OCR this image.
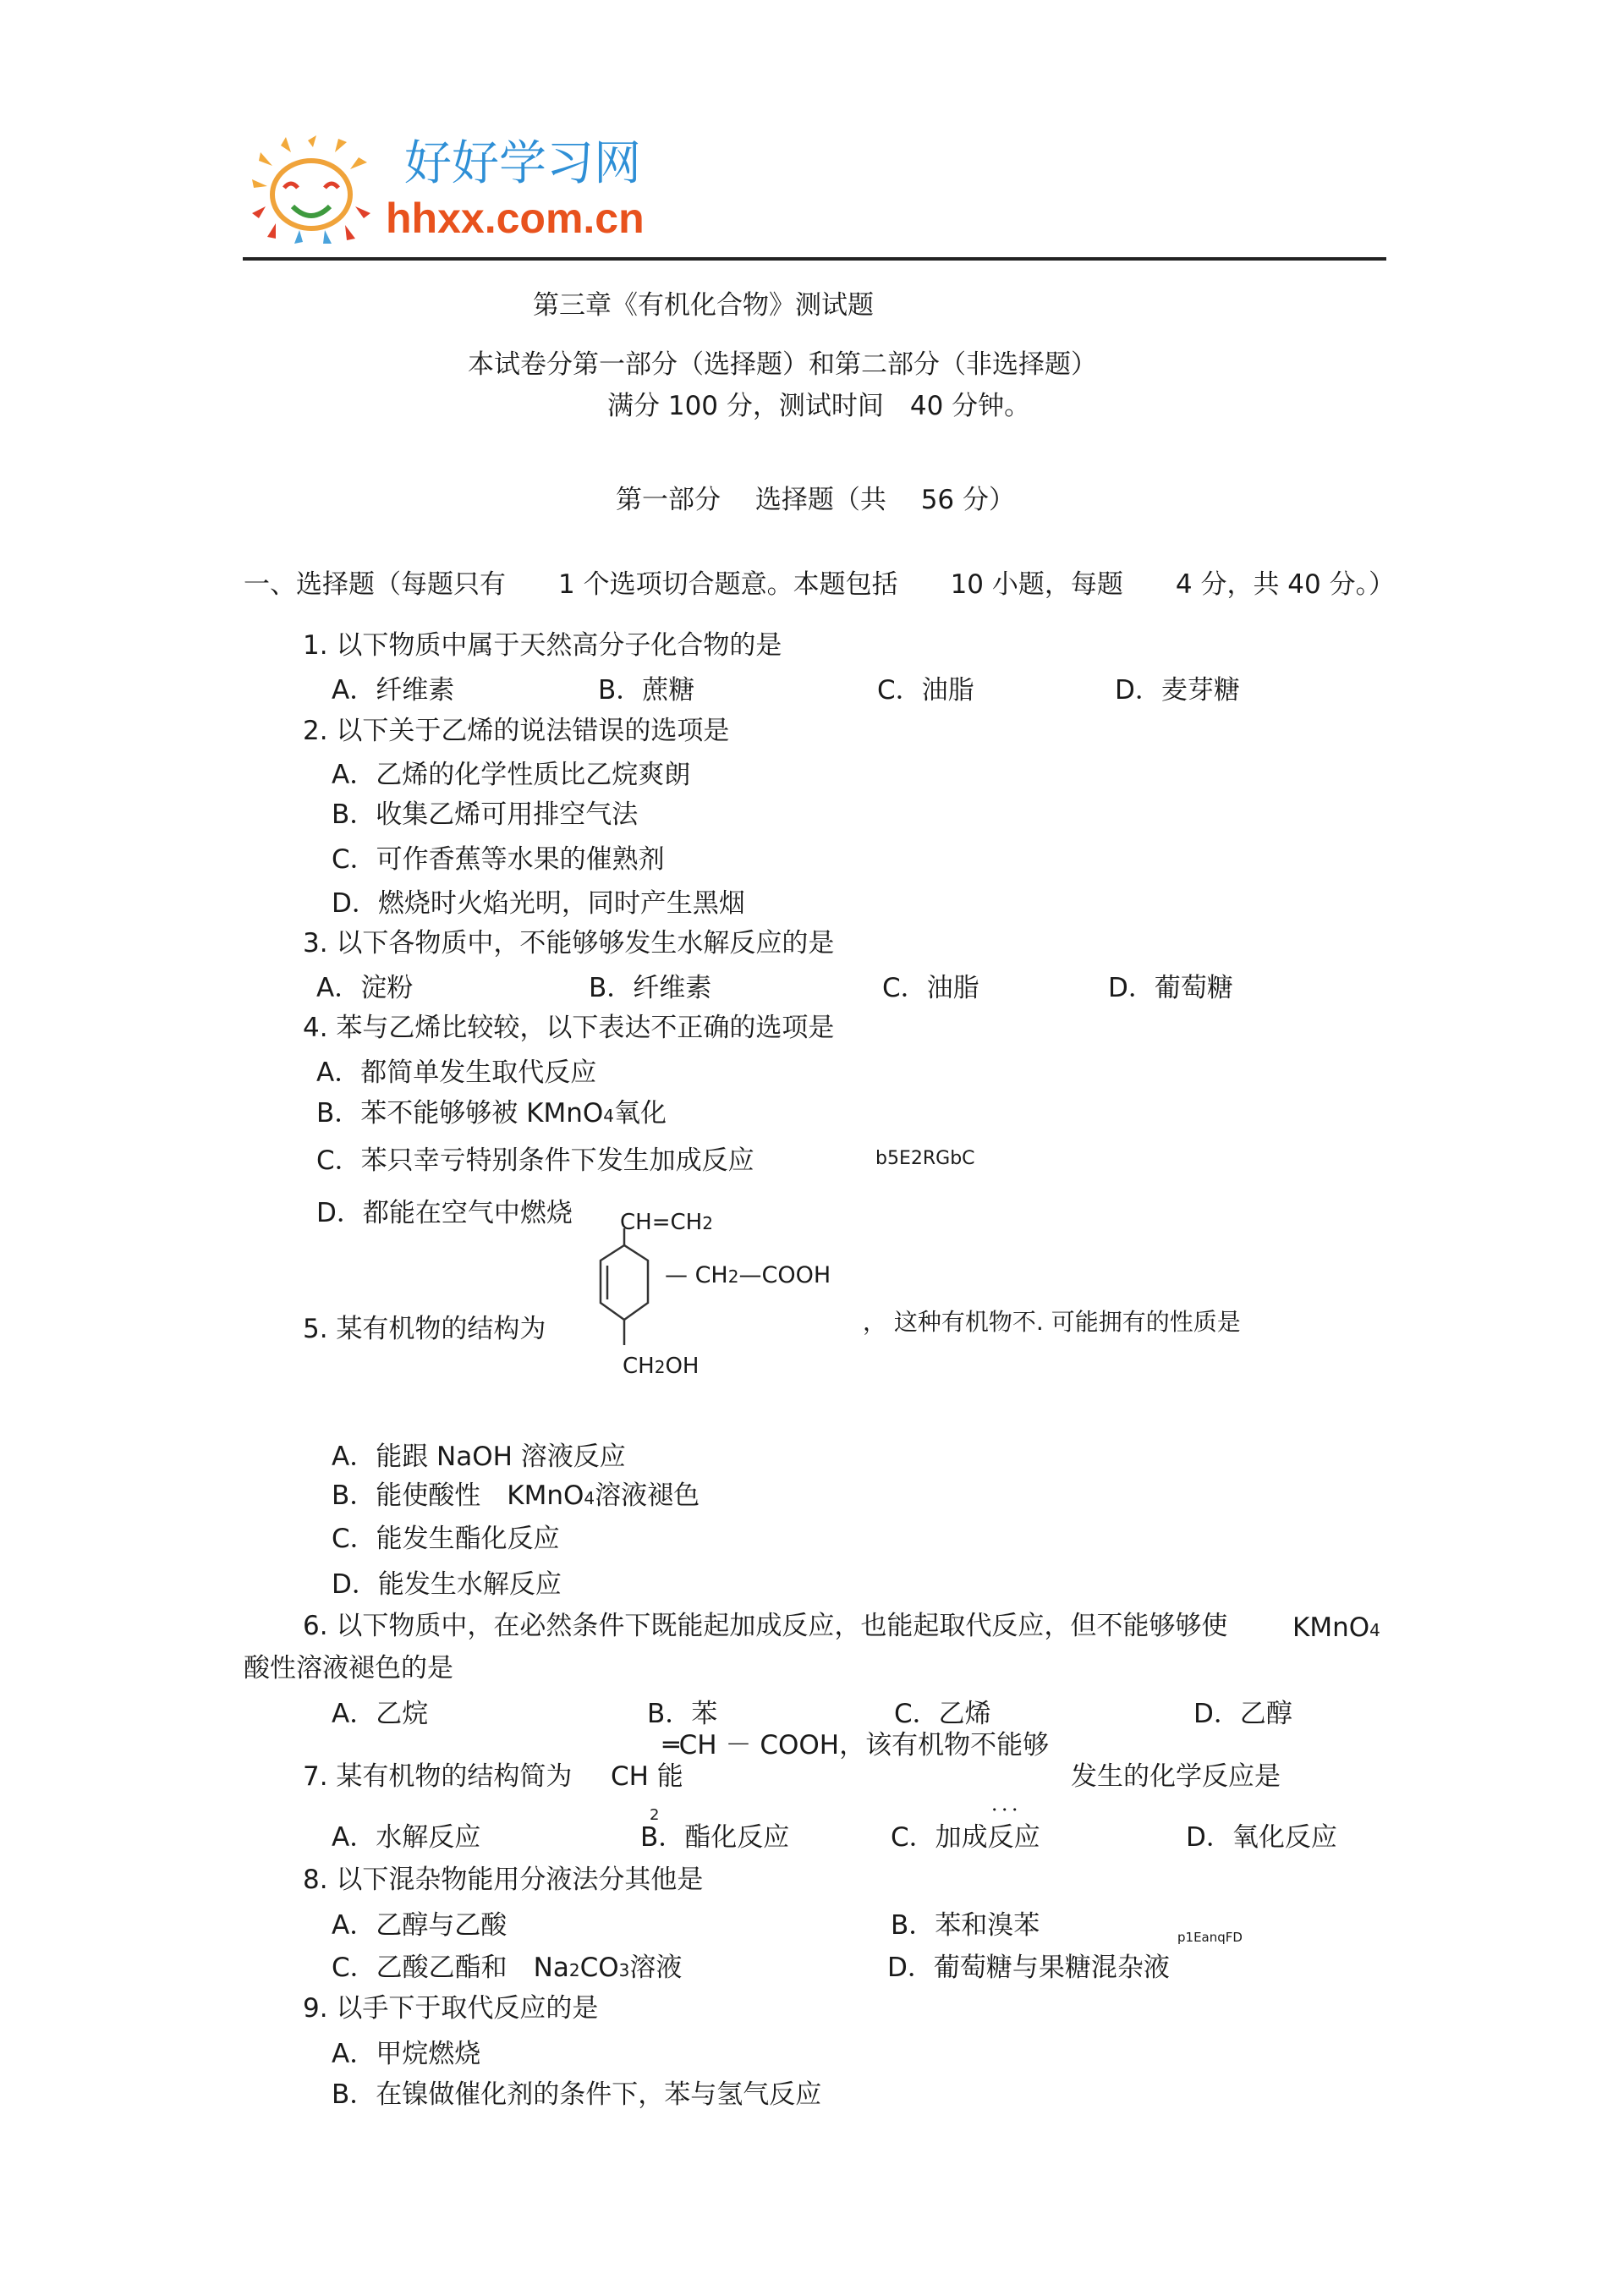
好好学习网
hhxx.com.cn
第三章《有机化合物》测试题
本试卷分第一部分（选择题）和第二部分（非选择题）
满分 100 分，测试时间　40 分钟。
第一部分　 选择题（共　 56 分）
一、选择题（每题只有　　1 个选项切合题意。本题包括　　10 小题，每题　　4 分，共 40 分。）
1. 以下物质中属于天然高分子化合物的是
A．纤维素	B．蔗糖	C．油脂	D．麦芽糖
2. 以下关于乙烯的说法错误的选项是
A．乙烯的化学性质比乙烷爽朗
B．收集乙烯可用排空气法
C．可作香蕉等水果的催熟剂
D．燃烧时火焰光明，同时产生黑烟
3. 以下各物质中，不能够够发生水解反应的是
A．淀粉	B．纤维素	C．油脂	D．葡萄糖
4. 苯与乙烯比较较，以下表达不正确的选项是
A．都简单发生取代反应
B．苯不能够够被 KMnO4氧化
C．苯只幸亏特别条件下发生加成反应	b5E2RGbC
D．都能在空气中燃烧 CH=CH2
— CH2—COOH
CH2OH
5. 某有机物的结构为	， 这种有机物不. 可能拥有的性质是
A．能跟 NaOH 溶液反应
B．能使酸性　KMnO4溶液褪色
C．能发生酯化反应
D．能发生水解反应
6. 以下物质中，在必然条件下既能起加成反应，也能起取代反应，但不能够够使 KMnO4
酸性溶液褪色的是
A．乙烷	B．苯	C．乙烯	D．乙醇
═CH － COOH，该有机物不能够
7. 某有机物的结构简为 CH 能
2	．．．
发生的化学反应是
A．水解反应	B．酯化反应	C．加成反应	D．氧化反应
8. 以下混杂物能用分液法分其他是
A．乙醇与乙酸	B．苯和溴苯	p1EanqFD
C．乙酸乙酯和　Na2CO3溶液	D．葡萄糖与果糖混杂液
9. 以手下于取代反应的是
A．甲烷燃烧
B．在镍做催化剂的条件下，苯与氢气反应
